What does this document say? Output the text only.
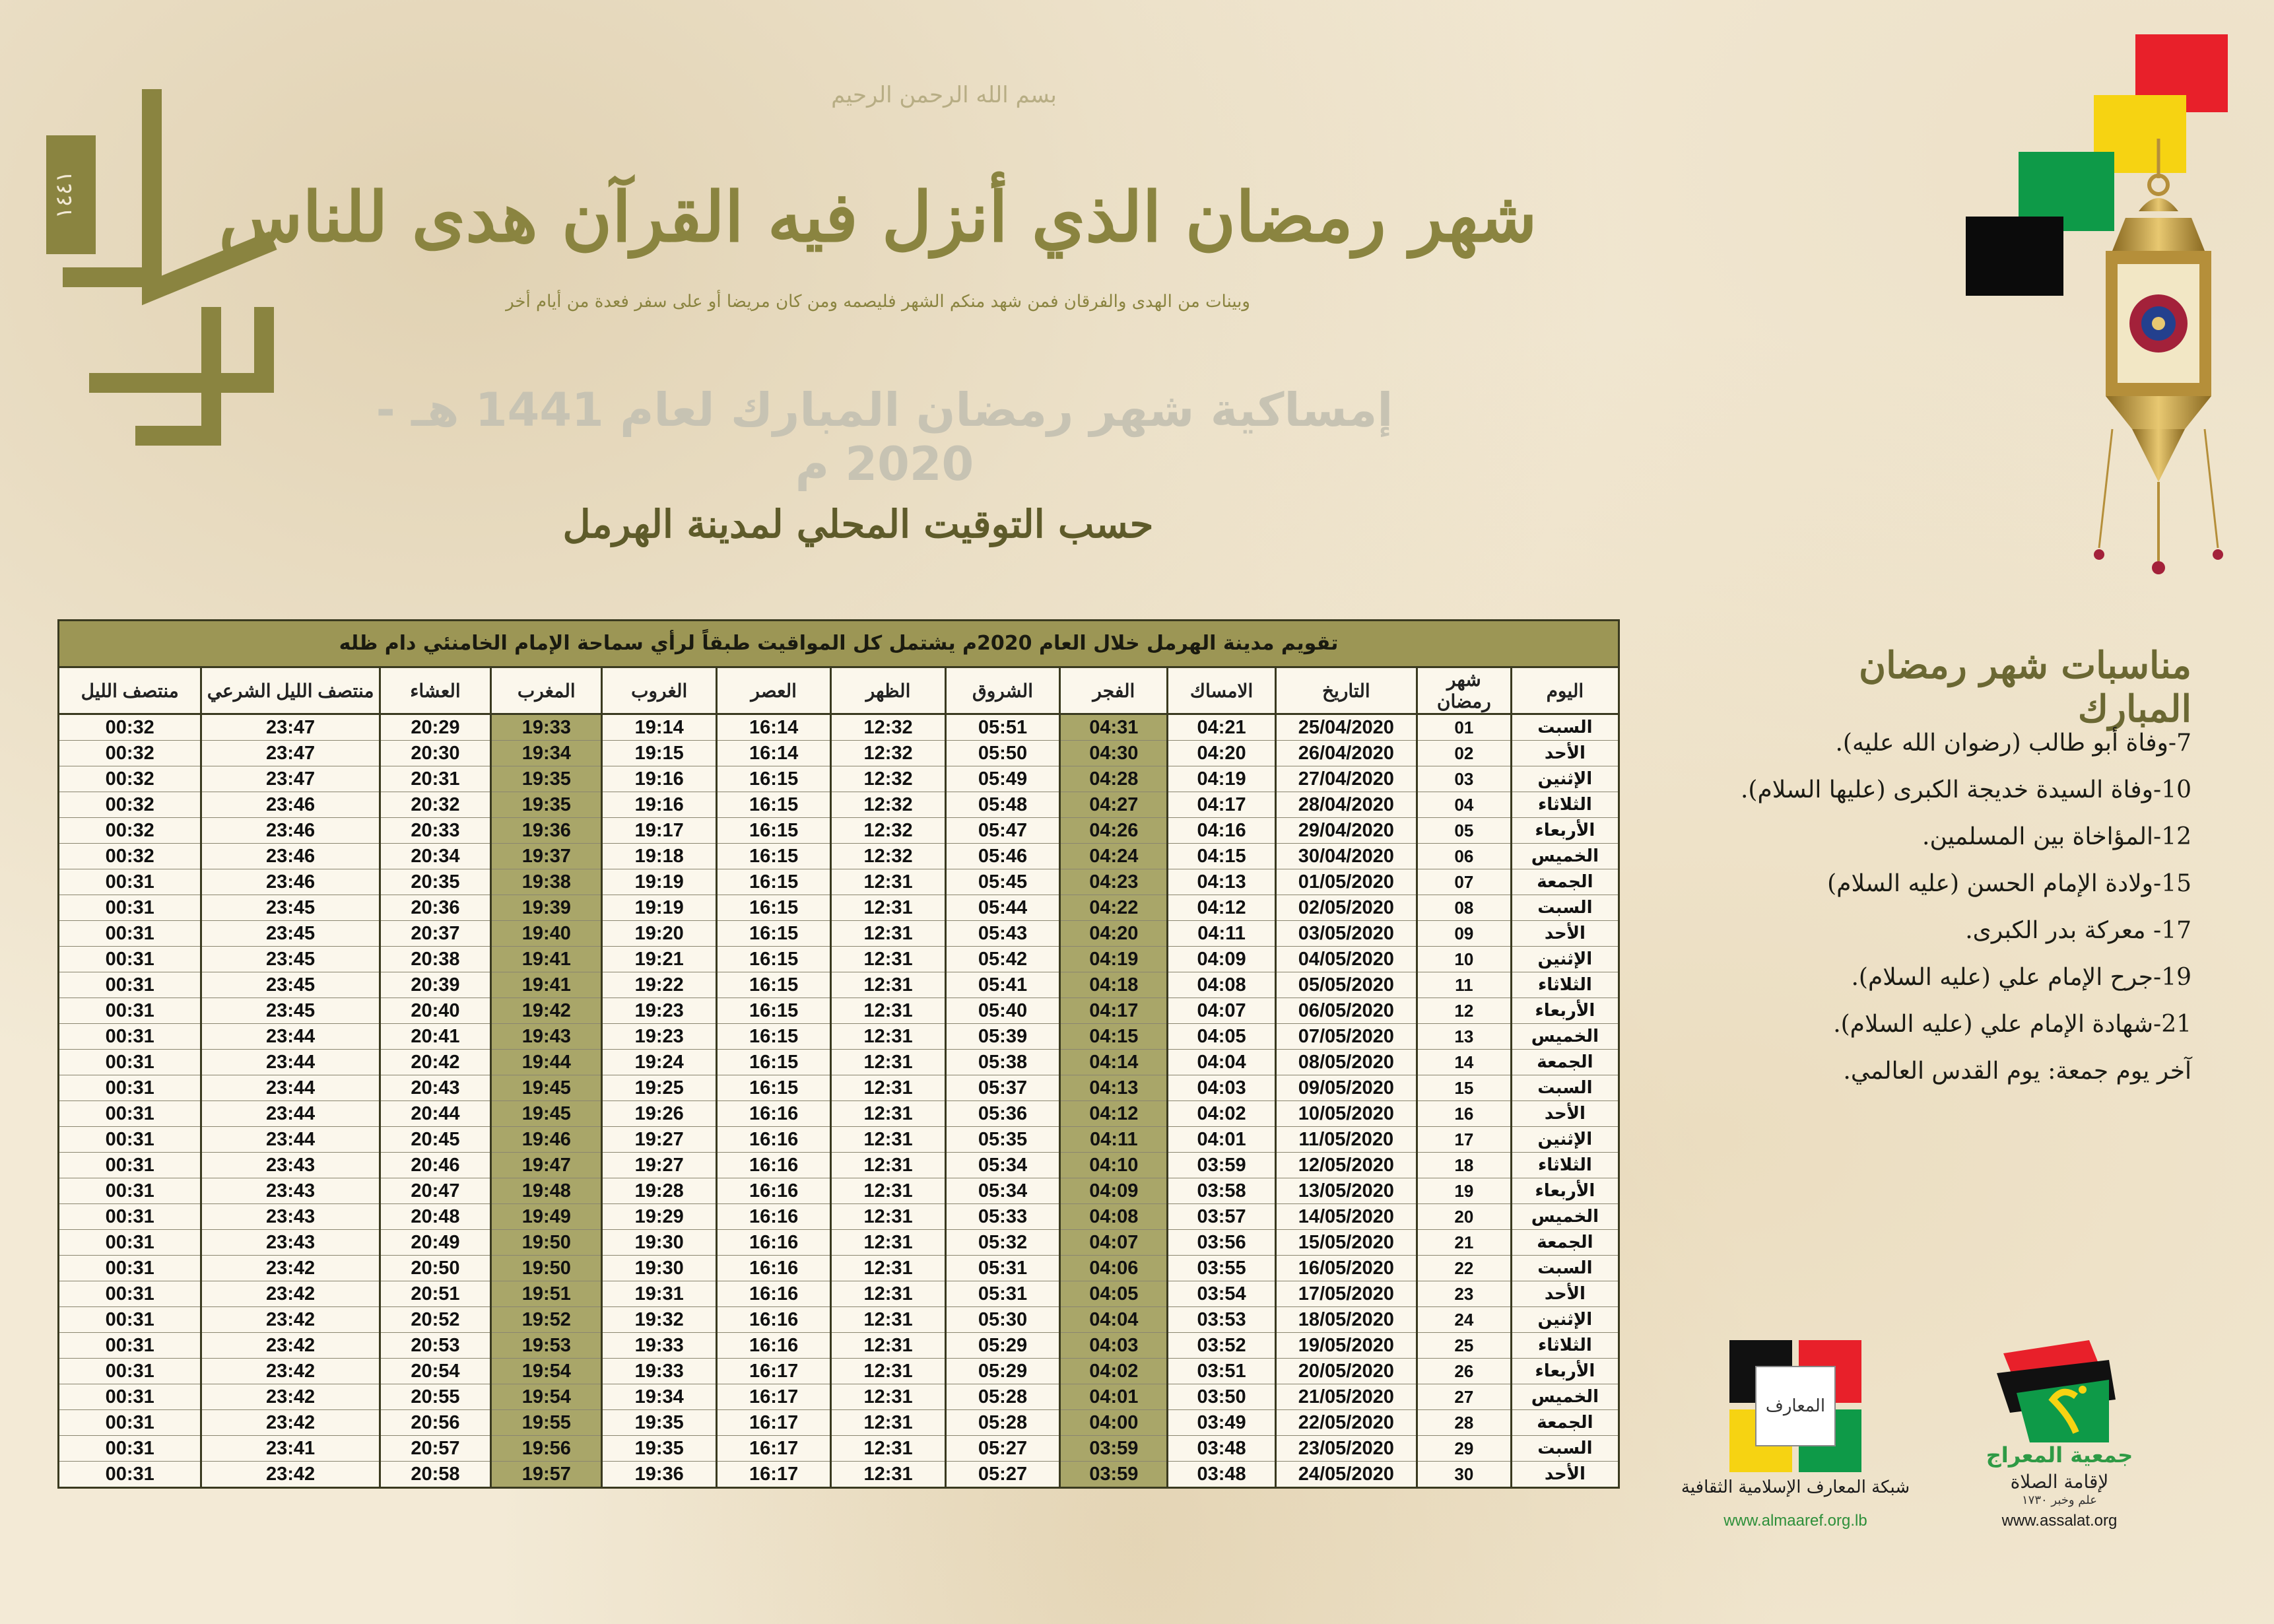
١٤٤١
بسم الله الرحمن الرحيم
شهر رمضان الذي أنزل فيه القرآن هدى للناس
وبينات من الهدى والفرقان فمن شهد منكم الشهر فليصمه ومن كان مريضا أو على سفر فعدة من أيام أخر
إمساكية شهر رمضان المبارك لعام 1441 هـ - 2020 م
حسب التوقيت المحلي لمدينة الهرمل
تقويم مدينة الهرمل خلال العام 2020م يشتمل كل المواقيت طبقاً لرأي سماحة الإمام الخامنئي دام ظله
اليوم	شهر رمضان	التاريخ	الامساك	الفجر	الشروق	الظهر	العصر	الغروب	المغرب	العشاء	منتصف الليل الشرعي	منتصف الليل
السبت	01	25/04/2020	04:21	04:31	05:51	12:32	16:14	19:14	19:33	20:29	23:47	00:32
الأحد	02	26/04/2020	04:20	04:30	05:50	12:32	16:14	19:15	19:34	20:30	23:47	00:32
الإثنين	03	27/04/2020	04:19	04:28	05:49	12:32	16:15	19:16	19:35	20:31	23:47	00:32
الثلاثاء	04	28/04/2020	04:17	04:27	05:48	12:32	16:15	19:16	19:35	20:32	23:46	00:32
الأربعاء	05	29/04/2020	04:16	04:26	05:47	12:32	16:15	19:17	19:36	20:33	23:46	00:32
الخميس	06	30/04/2020	04:15	04:24	05:46	12:32	16:15	19:18	19:37	20:34	23:46	00:32
الجمعة	07	01/05/2020	04:13	04:23	05:45	12:31	16:15	19:19	19:38	20:35	23:46	00:31
السبت	08	02/05/2020	04:12	04:22	05:44	12:31	16:15	19:19	19:39	20:36	23:45	00:31
الأحد	09	03/05/2020	04:11	04:20	05:43	12:31	16:15	19:20	19:40	20:37	23:45	00:31
الإثنين	10	04/05/2020	04:09	04:19	05:42	12:31	16:15	19:21	19:41	20:38	23:45	00:31
الثلاثاء	11	05/05/2020	04:08	04:18	05:41	12:31	16:15	19:22	19:41	20:39	23:45	00:31
الأربعاء	12	06/05/2020	04:07	04:17	05:40	12:31	16:15	19:23	19:42	20:40	23:45	00:31
الخميس	13	07/05/2020	04:05	04:15	05:39	12:31	16:15	19:23	19:43	20:41	23:44	00:31
الجمعة	14	08/05/2020	04:04	04:14	05:38	12:31	16:15	19:24	19:44	20:42	23:44	00:31
السبت	15	09/05/2020	04:03	04:13	05:37	12:31	16:15	19:25	19:45	20:43	23:44	00:31
الأحد	16	10/05/2020	04:02	04:12	05:36	12:31	16:16	19:26	19:45	20:44	23:44	00:31
الإثنين	17	11/05/2020	04:01	04:11	05:35	12:31	16:16	19:27	19:46	20:45	23:44	00:31
الثلاثاء	18	12/05/2020	03:59	04:10	05:34	12:31	16:16	19:27	19:47	20:46	23:43	00:31
الأربعاء	19	13/05/2020	03:58	04:09	05:34	12:31	16:16	19:28	19:48	20:47	23:43	00:31
الخميس	20	14/05/2020	03:57	04:08	05:33	12:31	16:16	19:29	19:49	20:48	23:43	00:31
الجمعة	21	15/05/2020	03:56	04:07	05:32	12:31	16:16	19:30	19:50	20:49	23:43	00:31
السبت	22	16/05/2020	03:55	04:06	05:31	12:31	16:16	19:30	19:50	20:50	23:42	00:31
الأحد	23	17/05/2020	03:54	04:05	05:31	12:31	16:16	19:31	19:51	20:51	23:42	00:31
الإثنين	24	18/05/2020	03:53	04:04	05:30	12:31	16:16	19:32	19:52	20:52	23:42	00:31
الثلاثاء	25	19/05/2020	03:52	04:03	05:29	12:31	16:16	19:33	19:53	20:53	23:42	00:31
الأربعاء	26	20/05/2020	03:51	04:02	05:29	12:31	16:17	19:33	19:54	20:54	23:42	00:31
الخميس	27	21/05/2020	03:50	04:01	05:28	12:31	16:17	19:34	19:54	20:55	23:42	00:31
الجمعة	28	22/05/2020	03:49	04:00	05:28	12:31	16:17	19:35	19:55	20:56	23:42	00:31
السبت	29	23/05/2020	03:48	03:59	05:27	12:31	16:17	19:35	19:56	20:57	23:41	00:31
الأحد	30	24/05/2020	03:48	03:59	05:27	12:31	16:17	19:36	19:57	20:58	23:42	00:31
مناسبات شهر رمضان المبارك
7-وفاة أبو طالب (رضوان الله عليه).
10-وفاة السيدة خديجة الكبرى (عليها السلام).
12-المؤاخاة بين المسلمين.
15-ولادة الإمام الحسن (عليه السلام)
17- معركة بدر الكبرى.
19-جرح الإمام علي (عليه السلام).
21-شهادة الإمام علي (عليه السلام).
آخر يوم جمعة: يوم القدس العالمي.
المعارف
شبكة المعارف الإسلامية الثقافية
www.almaaref.org.lb
جمعية المعراج
لإقامة الصلاة
علم وخبر ١٧٣٠
www.assalat.org
